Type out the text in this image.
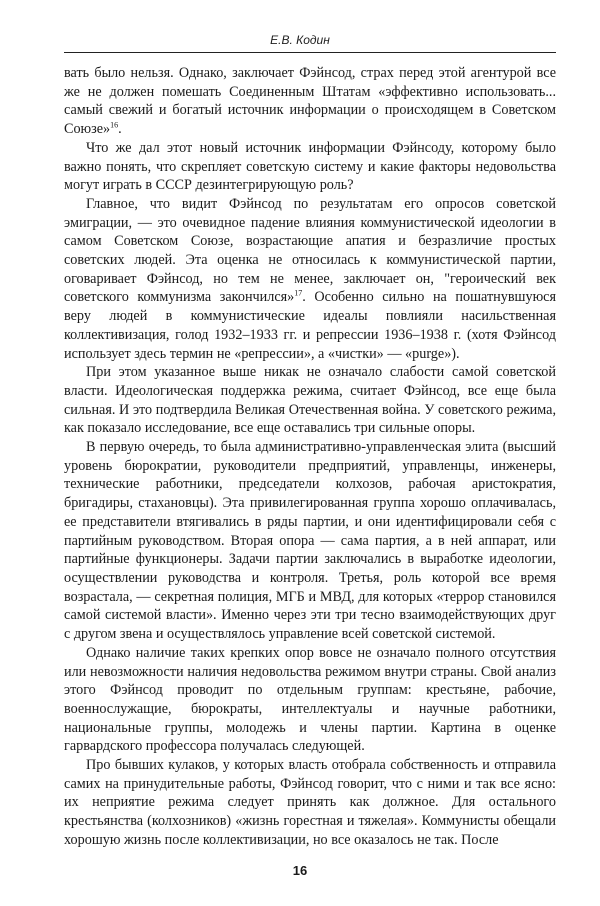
Е.В. Кодин

вать было нельзя. Однако, заключает Фэйнсод, страх перед этой агентурой все же не должен помешать Соединенным Штатам «эффективно использовать... самый свежий и богатый источник информации о происходящем в Советском Союзе»$^{16}$.

Что же дал этот новый источник информации Фэйнсоду, которому было важно понять, что скрепляет советскую систему и какие факторы недовольства могут играть в СССР дезинтегрирующую роль?

Главное, что видит Фэйнсод по результатам его опросов советской эмиграции, — это очевидное падение влияния коммунистической идеологии в самом Советском Союзе, возрастающие апатия и безразличие простых советских людей. Эта оценка не относилась к коммунистической партии, оговаривает Фэйнсод, но тем не менее, заключает он, "героический век советского коммунизма закончился»$^{17}$. Особенно сильно на пошатнувшуюся веру людей в коммунистические идеалы повлияли насильственная коллективизация, голод 1932–1933 гг. и репрессии 1936–1938 г. (хотя Фэйнсод использует здесь термин не «репрессии», а «чистки» — «purge»).

При этом указанное выше никак не означало слабости самой советской власти. Идеологическая поддержка режима, считает Фэйнсод, все еще была сильная. И это подтвердила Великая Отечественная война. У советского режима, как показало исследование, все еще оставались три сильные опоры.

В первую очередь, то была административно-управленческая элита (высший уровень бюрократии, руководители предприятий, управленцы, инженеры, технические работники, председатели колхозов, рабочая аристократия, бригадиры, стахановцы). Эта привилегированная группа хорошо оплачивалась, ее представители втягивались в ряды партии, и они идентифицировали себя с партийным руководством. Вторая опора — сама партия, а в ней аппарат, или партийные функционеры. Задачи партии заключались в выработке идеологии, осуществлении руководства и контроля. Третья, роль которой все время возрастала, — секретная полиция, МГБ и МВД, для которых «террор становился самой системой власти». Именно через эти три тесно взаимодействующих друг с другом звена и осуществлялось управление всей советской системой.

Однако наличие таких крепких опор вовсе не означало полного отсутствия или невозможности наличия недовольства режимом внутри страны. Свой анализ этого Фэйнсод проводит по отдельным группам: крестьяне, рабочие, военнослужащие, бюрократы, интеллектуалы и научные работники, национальные группы, молодежь и члены партии. Картина в оценке гарвардского профессора получалась следующей.

Про бывших кулаков, у которых власть отобрала собственность и отправила самих на принудительные работы, Фэйнсод говорит, что с ними и так все ясно: их неприятие режима следует принять как должное. Для остального крестьянства (колхозников) «жизнь горестная и тяжелая». Коммунисты обещали хорошую жизнь после коллективизации, но все оказалось не так. После

16
